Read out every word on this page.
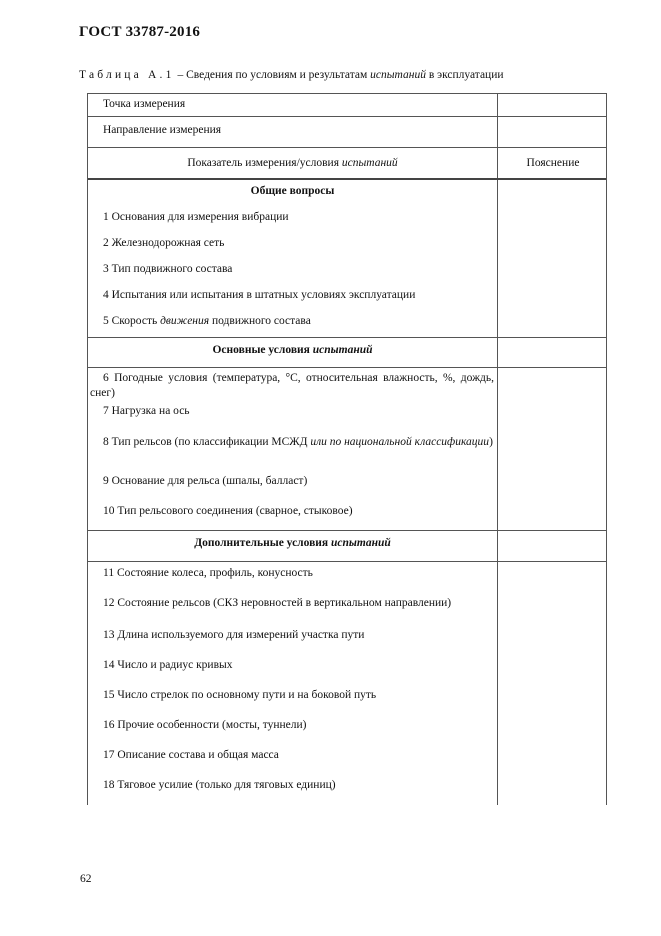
ГОСТ 33787-2016
Таблица А.1 – Сведения по условиям и результатам испытаний в эксплуатации
Точка измерения
Направление измерения
Показатель измерения/условия испытаний	Пояснение
Общие вопросы
1 Основания для измерения вибрации
2 Железнодорожная сеть
3 Тип подвижного состава
4 Испытания или испытания в штатных условиях эксплуатации
5 Скорость движения подвижного состава
Основные условия испытаний
6 Погодные условия (температура, °С, относительная влажность, %, дождь, снег)
7 Нагрузка на ось
8 Тип рельсов (по классификации МСЖД или по национальной классификации)
9 Основание для рельса (шпалы, балласт)
10 Тип рельсового соединения (сварное, стыковое)
Дополнительные условия испытаний
11 Состояние колеса, профиль, конусность
12 Состояние рельсов (СКЗ неровностей в вертикальном направлении)
13 Длина используемого для измерений участка пути
14 Число и радиус кривых
15 Число стрелок по основному пути и на боковой путь
16 Прочие особенности (мосты, туннели)
17 Описание состава и общая масса
18 Тяговое усилие (только для тяговых единиц)
62
